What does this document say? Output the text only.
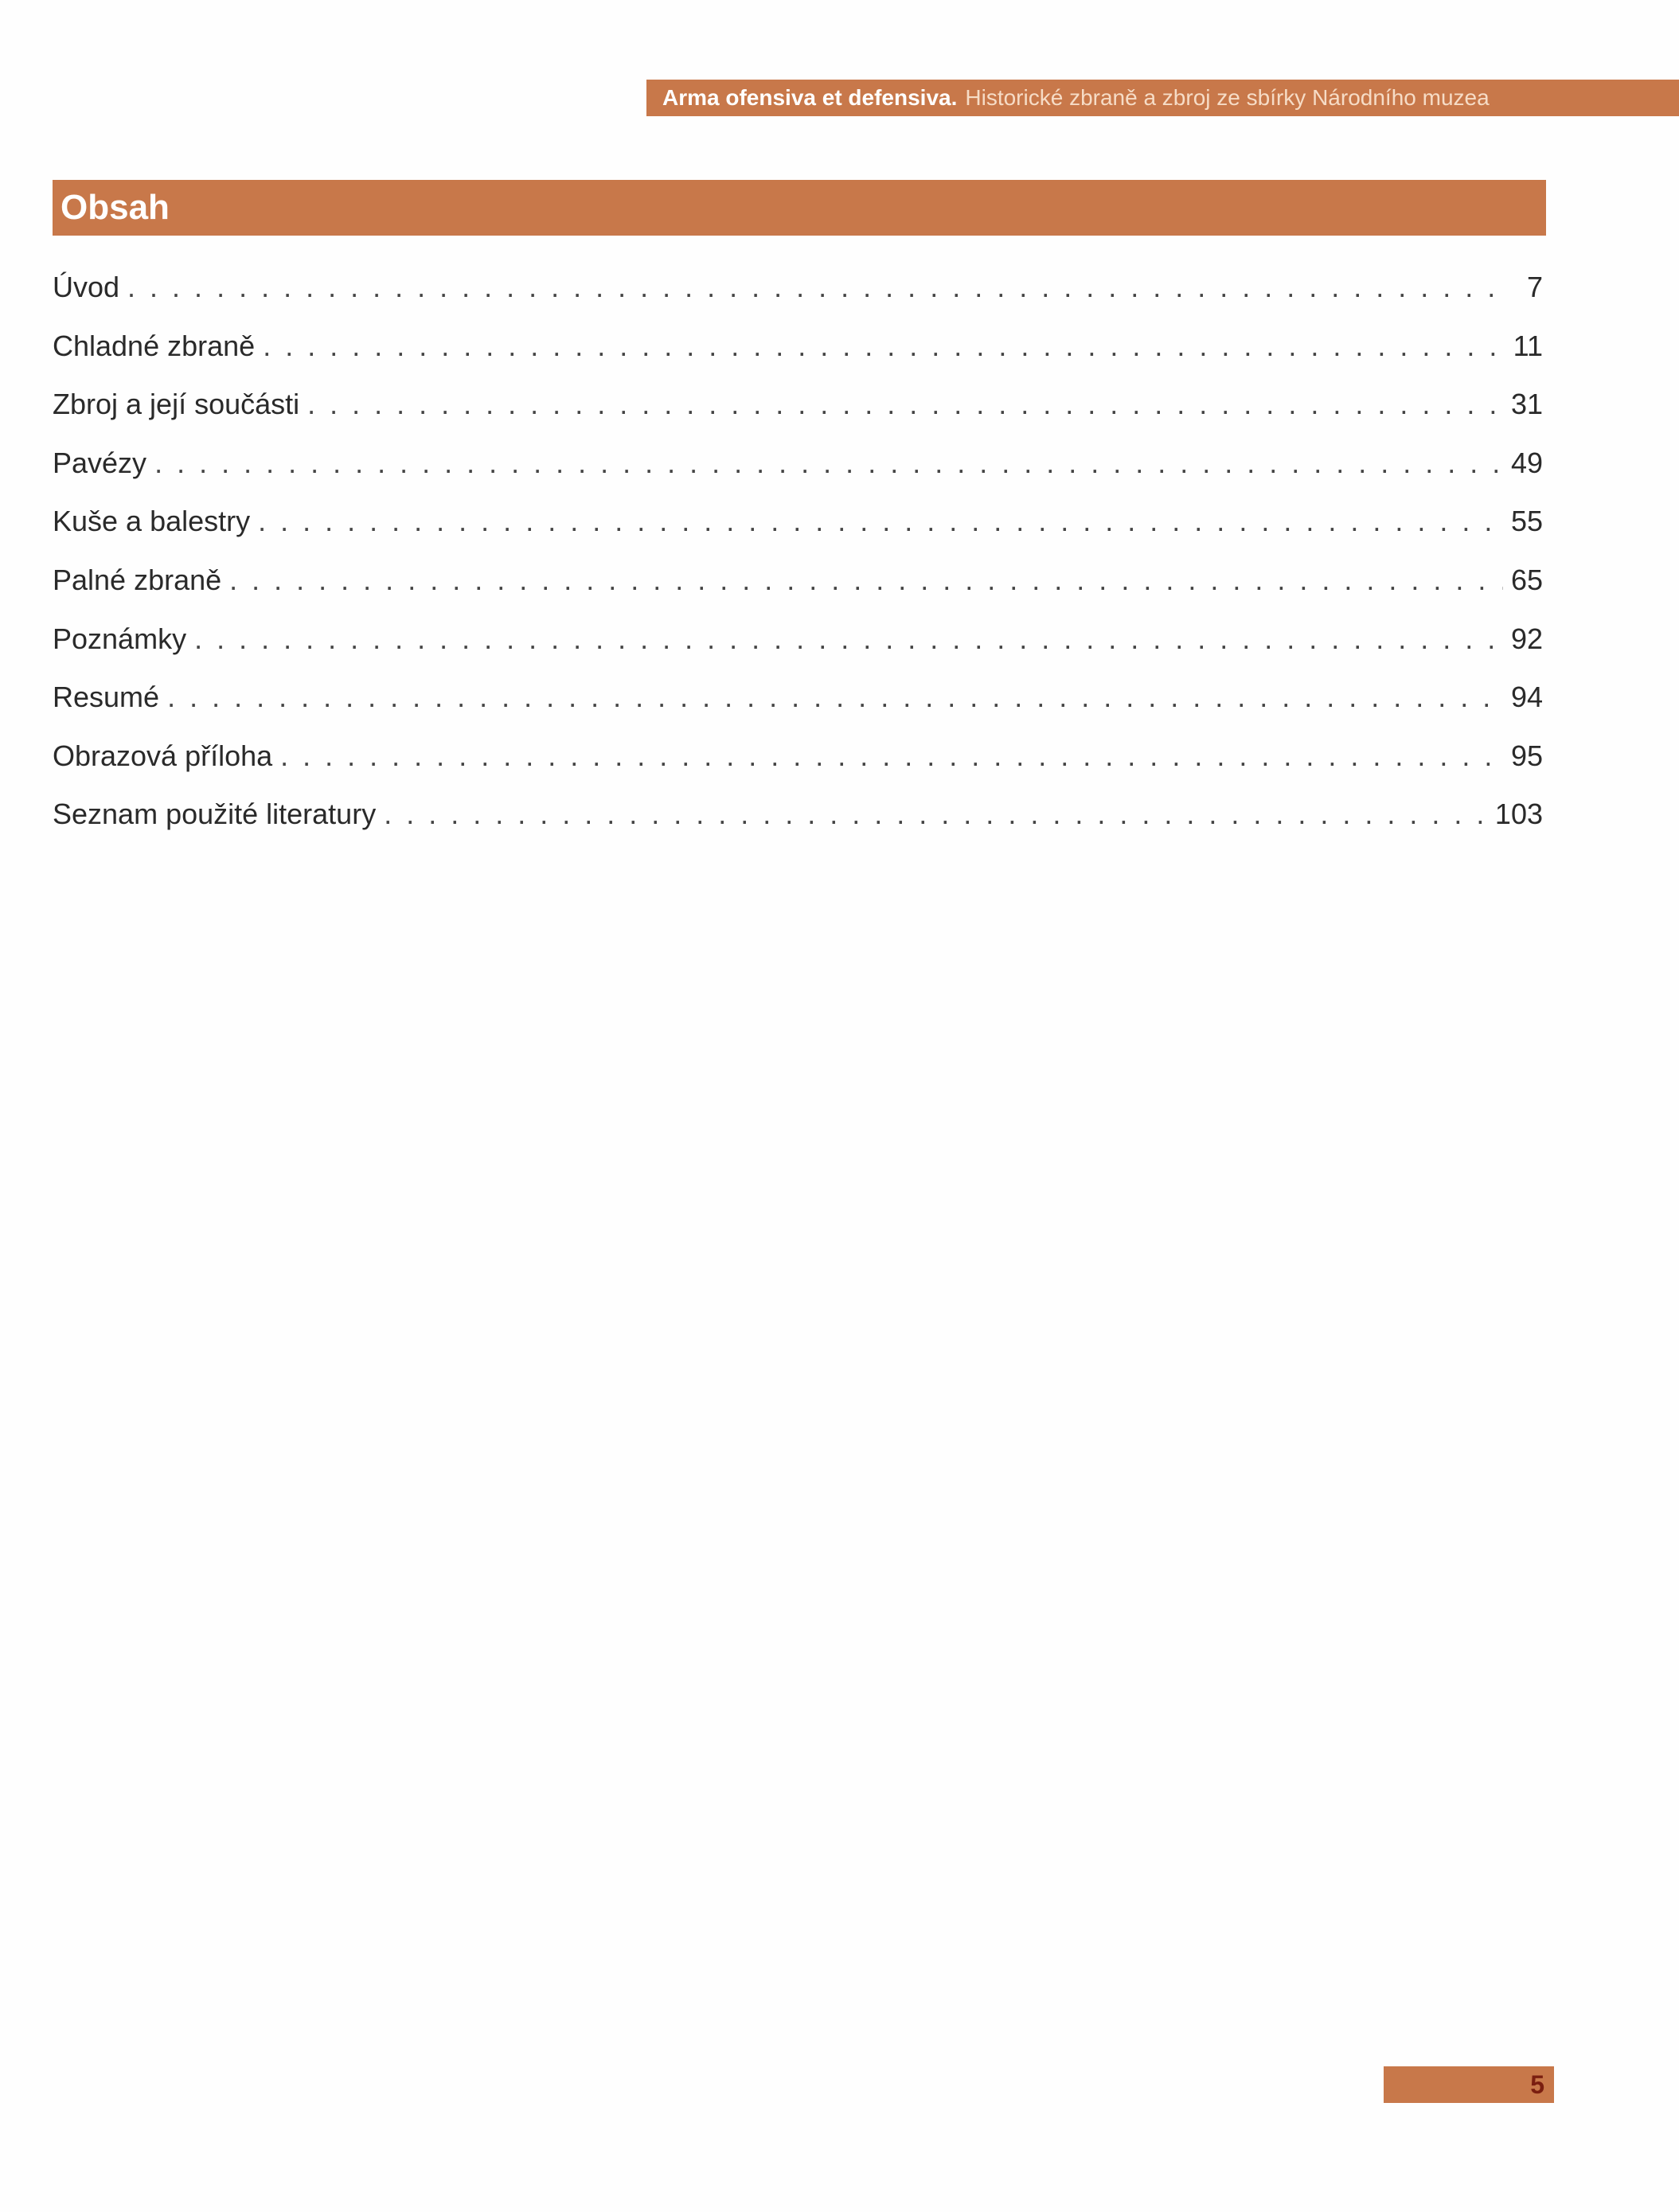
Arma ofensiva et defensiva. Historické zbraně a zbroj ze sbírky Národního muzea
Obsah
Úvod . . .	7
Chladné zbraně . . .	11
Zbroj a její součásti . . .	31
Pavézy . . .	49
Kuše a balestry . . .	55
Palné zbraně . . .	65
Poznámky . . .	92
Resumé . . .	94
Obrazová příloha . . .	95
Seznam použité literatury . . .	103
5
